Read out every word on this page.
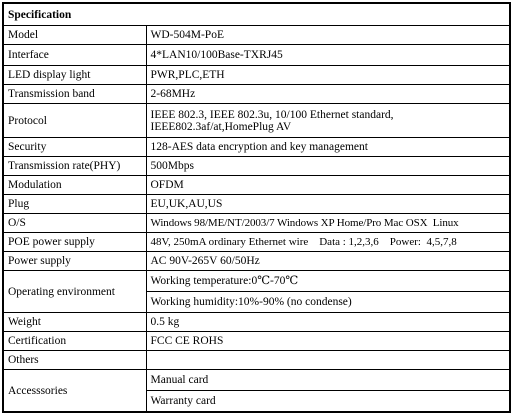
Specification	
Model	WD-504M-PoE
Interface	4*LAN10/100Base-TXRJ45
LED display light	PWR,PLC,ETH
Transmission band	2-68MHz
Protocol	IEEE 802.3, IEEE 802.3u, 10/100 Ethernet standard,
IEEE802.3af/at,HomePlug AV

Security	128-AES data encryption and key management
Transmission rate(PHY)	500Mbps
Modulation	OFDM
Plug	EU,UK,AU,US
O/S	Windows 98/ME/NT/2003/7 Windows XP Home/Pro Mac OSX  Linux
POE power supply	48V, 250mA ordinary Ethernet wire    Data : 1,2,3,6    Power:  4,5,7,8
Power supply	AC 90V-265V 60/50Hz
Operating environment	Working temperature:0℃-70℃
	Working humidity:10%-90% (no condense)
Weight	0.5 kg
Certification	FCC CE ROHS
Others	
Accesssories	Manual card
	Warranty card
